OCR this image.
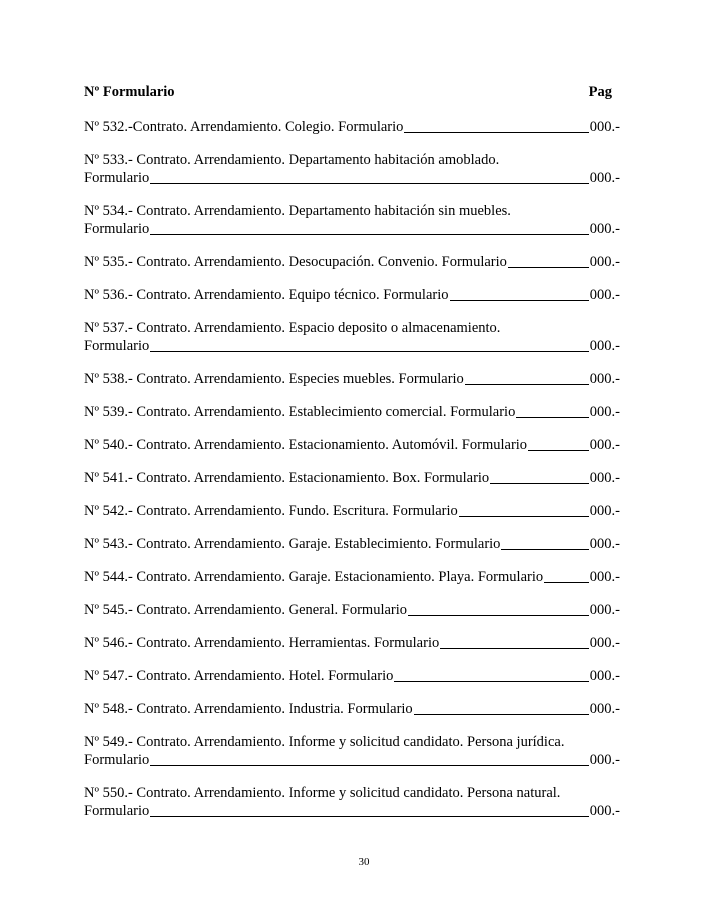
Nº Formulario	Pag
Nº 532.-Contrato. Arrendamiento. Colegio. Formulario	000.-
Nº 533.- Contrato. Arrendamiento. Departamento habitación amoblado.
Formulario	000.-
Nº 534.- Contrato. Arrendamiento. Departamento habitación sin muebles.
Formulario	000.-
Nº 535.- Contrato. Arrendamiento. Desocupación. Convenio. Formulario	000.-
Nº 536.- Contrato. Arrendamiento. Equipo técnico. Formulario	000.-
Nº 537.- Contrato. Arrendamiento. Espacio deposito o almacenamiento.
Formulario	000.-
Nº 538.- Contrato. Arrendamiento. Especies muebles. Formulario	000.-
Nº 539.- Contrato. Arrendamiento. Establecimiento comercial. Formulario	000.-
Nº 540.- Contrato. Arrendamiento. Estacionamiento. Automóvil. Formulario	000.-
Nº 541.- Contrato. Arrendamiento. Estacionamiento. Box. Formulario	000.-
Nº 542.- Contrato. Arrendamiento. Fundo. Escritura. Formulario	000.-
Nº 543.- Contrato. Arrendamiento. Garaje. Establecimiento. Formulario	000.-
Nº 544.- Contrato. Arrendamiento. Garaje. Estacionamiento. Playa. Formulario	000.-
Nº 545.- Contrato. Arrendamiento. General. Formulario	000.-
Nº 546.- Contrato. Arrendamiento. Herramientas. Formulario	000.-
Nº 547.- Contrato. Arrendamiento. Hotel. Formulario	000.-
Nº 548.- Contrato. Arrendamiento. Industria. Formulario	000.-
Nº 549.- Contrato. Arrendamiento. Informe y solicitud candidato. Persona jurídica.
Formulario	000.-
Nº 550.- Contrato. Arrendamiento. Informe y solicitud candidato. Persona natural.
Formulario	000.-
30
